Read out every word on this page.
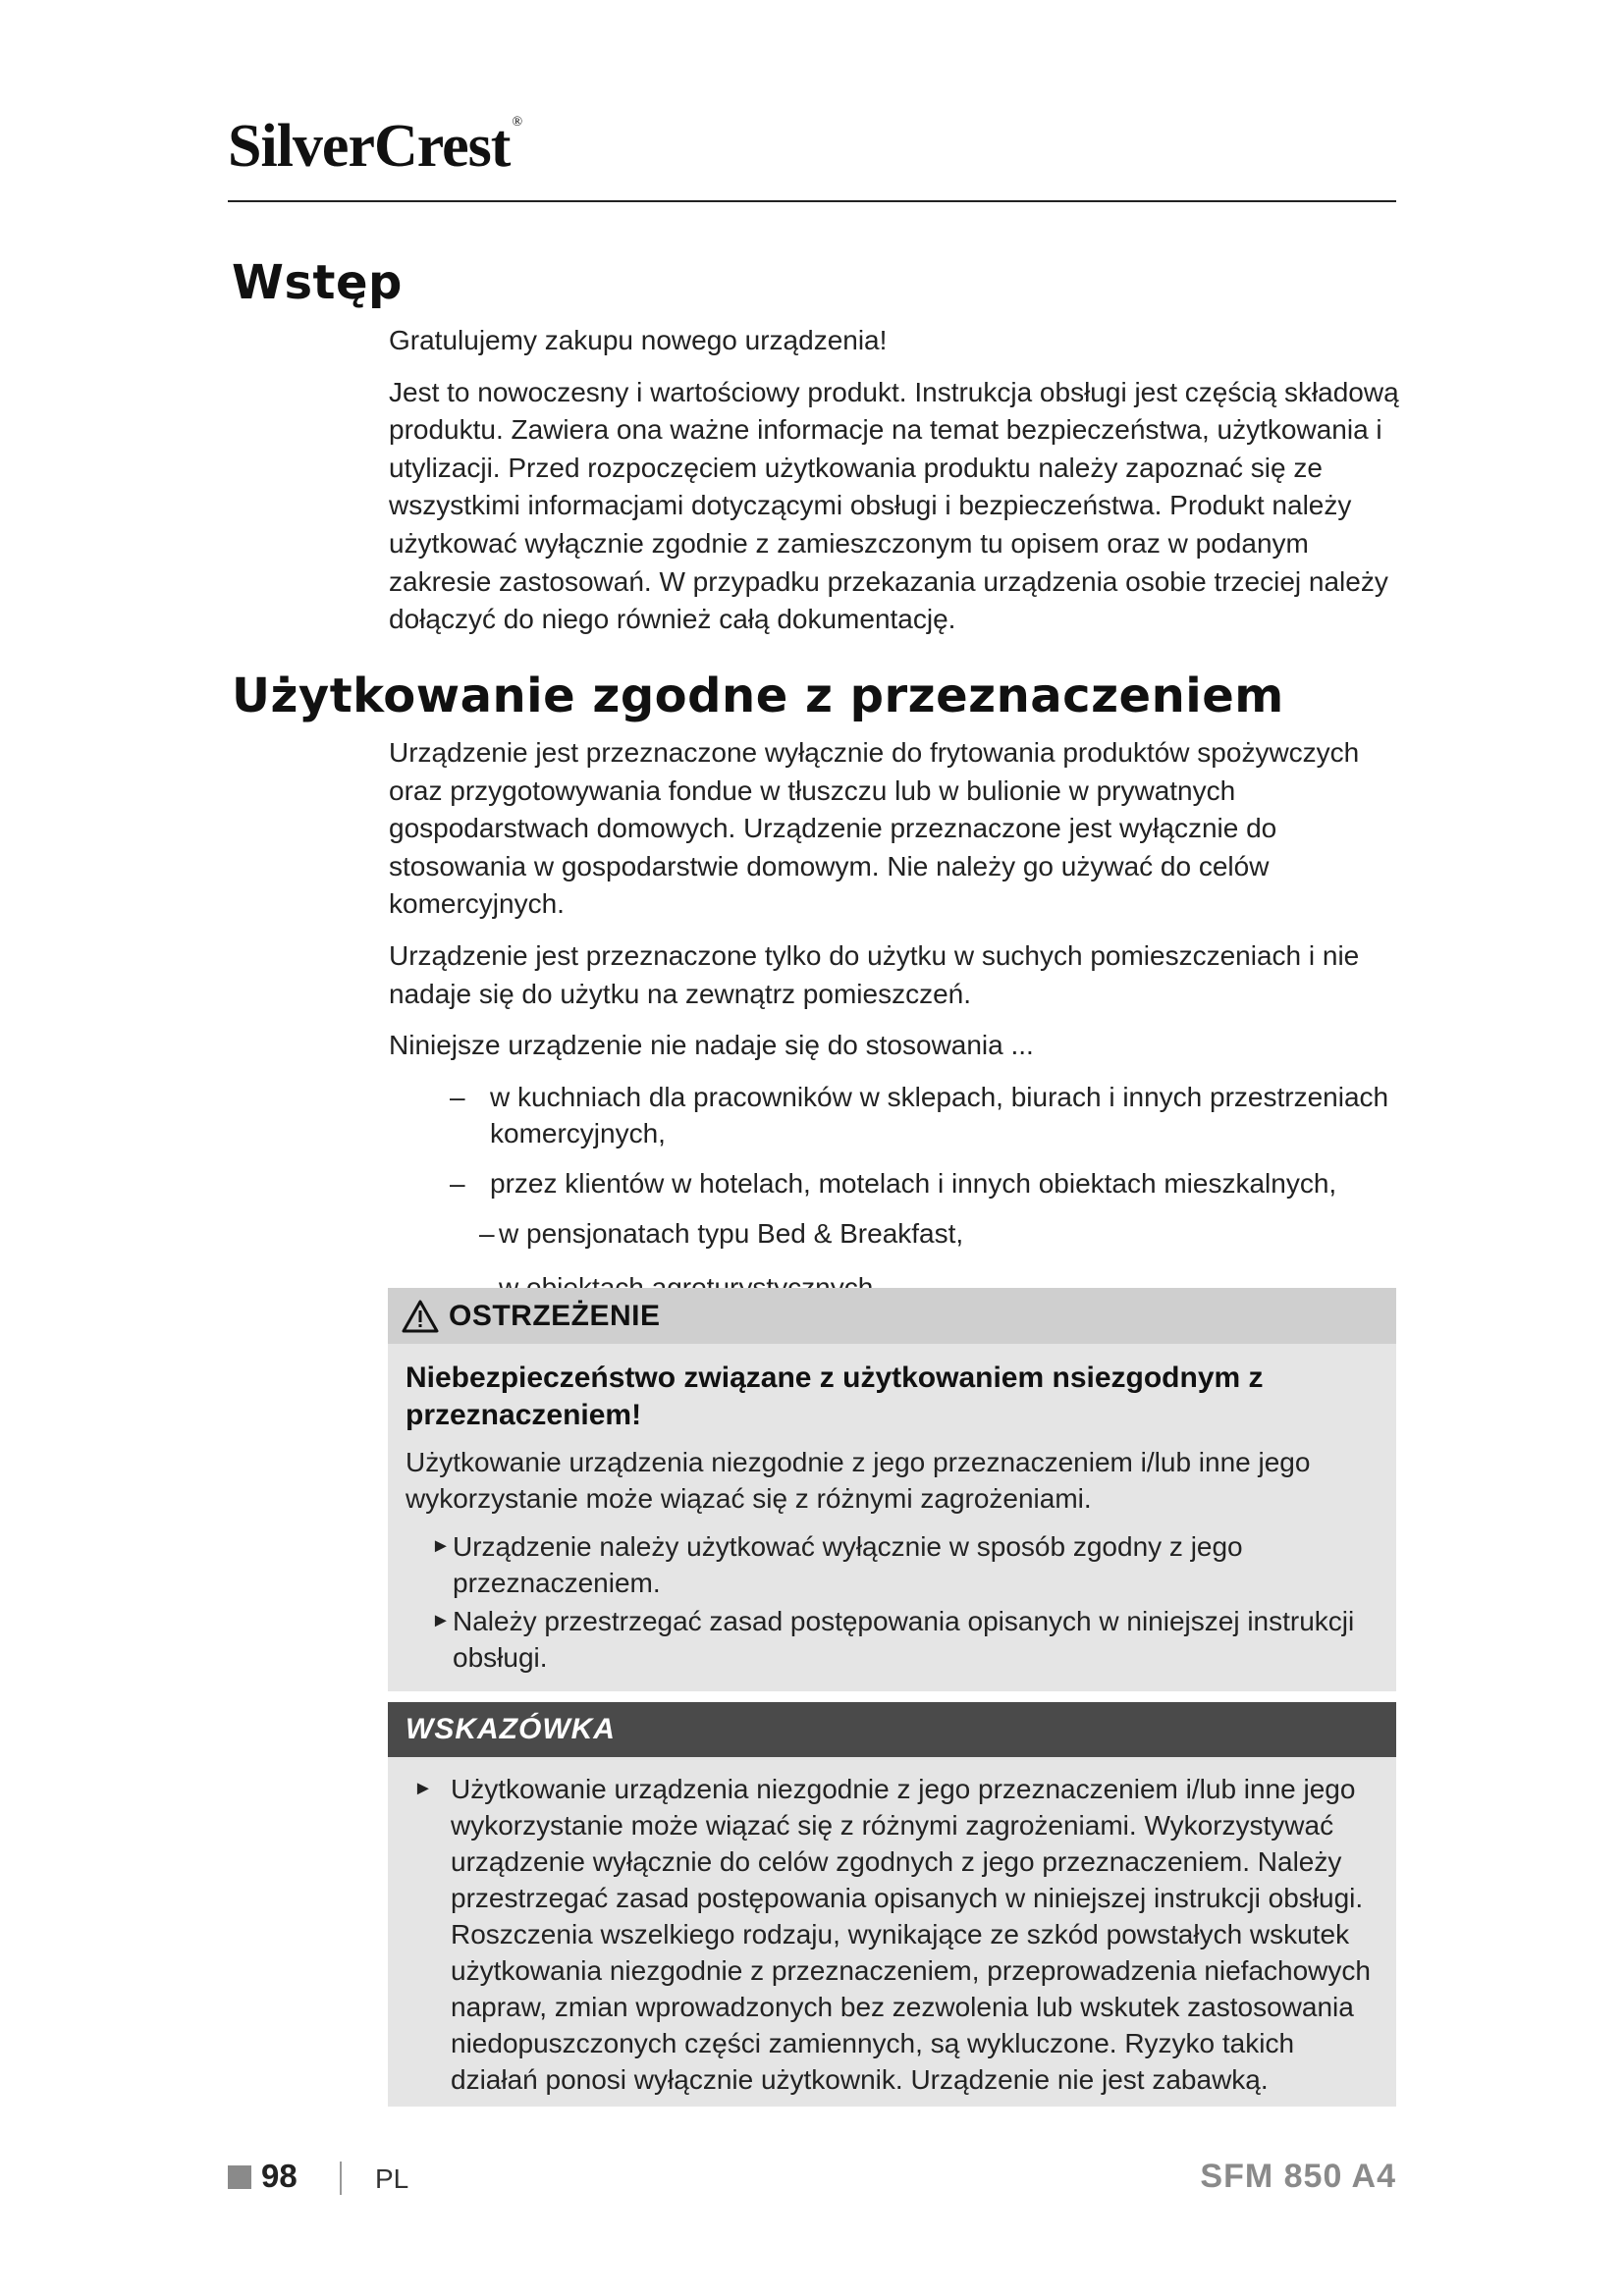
SilverCrest ®
Wstęp

Gratulujemy zakupu nowego urządzenia!

Jest to nowoczesny i wartościowy produkt. Instrukcja obsługi jest częścią składową produktu. Zawiera ona ważne informacje na temat bezpieczeństwa, użytkowania i utylizacji. Przed rozpoczęciem użytkowania produktu należy zapoznać się ze wszystkimi informacjami dotyczącymi obsługi i bezpieczeństwa. Produkt należy użytkować wyłącznie zgodnie z zamieszczonym tu opisem oraz w podanym zakresie zastosowań. W przypadku przekazania urządzenia osobie trzeciej należy dołączyć do niego również całą dokumentację.

Użytkowanie zgodne z przeznaczeniem

Urządzenie jest przeznaczone wyłącznie do frytowania produktów spożywczych oraz przygotowywania fondue w tłuszczu lub w bulionie w prywatnych gospodarstwach domowych. Urządzenie przeznaczone jest wyłącznie do stosowania w gospodarstwie domowym. Nie należy go używać do celów komercyjnych.

Urządzenie jest przeznaczone tylko do użytku w suchych pomieszczeniach i nie nadaje się do użytku na zewnątrz pomieszczeń.

Niniejsze urządzenie nie nadaje się do stosowania ...

– w kuchniach dla pracowników w sklepach, biurach i innych przestrzeniach komercyjnych,
– przez klientów w hotelach, motelach i innych obiektach mieszkalnych,
– w pensjonatach typu Bed & Breakfast,
–
OSTRZEŻENIE

Niebezpieczeństwo związane z użytkowaniem nsiezgodnym z przeznaczeniem!

Użytkowanie urządzenia niezgodnie z jego przeznaczeniem i/lub inne jego wykorzystanie może wiązać się z różnymi zagrożeniami.

► Urządzenie należy użytkować wyłącznie w sposób zgodny z jego przeznaczeniem.
► Należy przestrzegać zasad postępowania opisanych w niniejszej instrukcji obsługi.
WSKAZÓWKA
► Użytkowanie urządzenia niezgodnie z jego przeznaczeniem i/lub inne jego wykorzystanie może wiązać się z różnymi zagrożeniami. Wykorzystywać urządzenie wyłącznie do celów zgodnych z jego przeznaczeniem. Należy przestrzegać zasad postępowania opisanych w niniejszej instrukcji obsługi. Roszczenia wszelkiego rodzaju, wynikające ze szkód powstałych wskutek użytkowania niezgodnie z przeznaczeniem, przeprowadzenia niefachowych napraw, zmian wprowadzonych bez zezwolenia lub wskutek zastosowania niedopuszczonych części zamiennych, są wykluczone. Ryzyko takich działań ponosi wyłącznie użytkownik. Urządzenie nie jest zabawką.
98	PL	SFM 850 A4
